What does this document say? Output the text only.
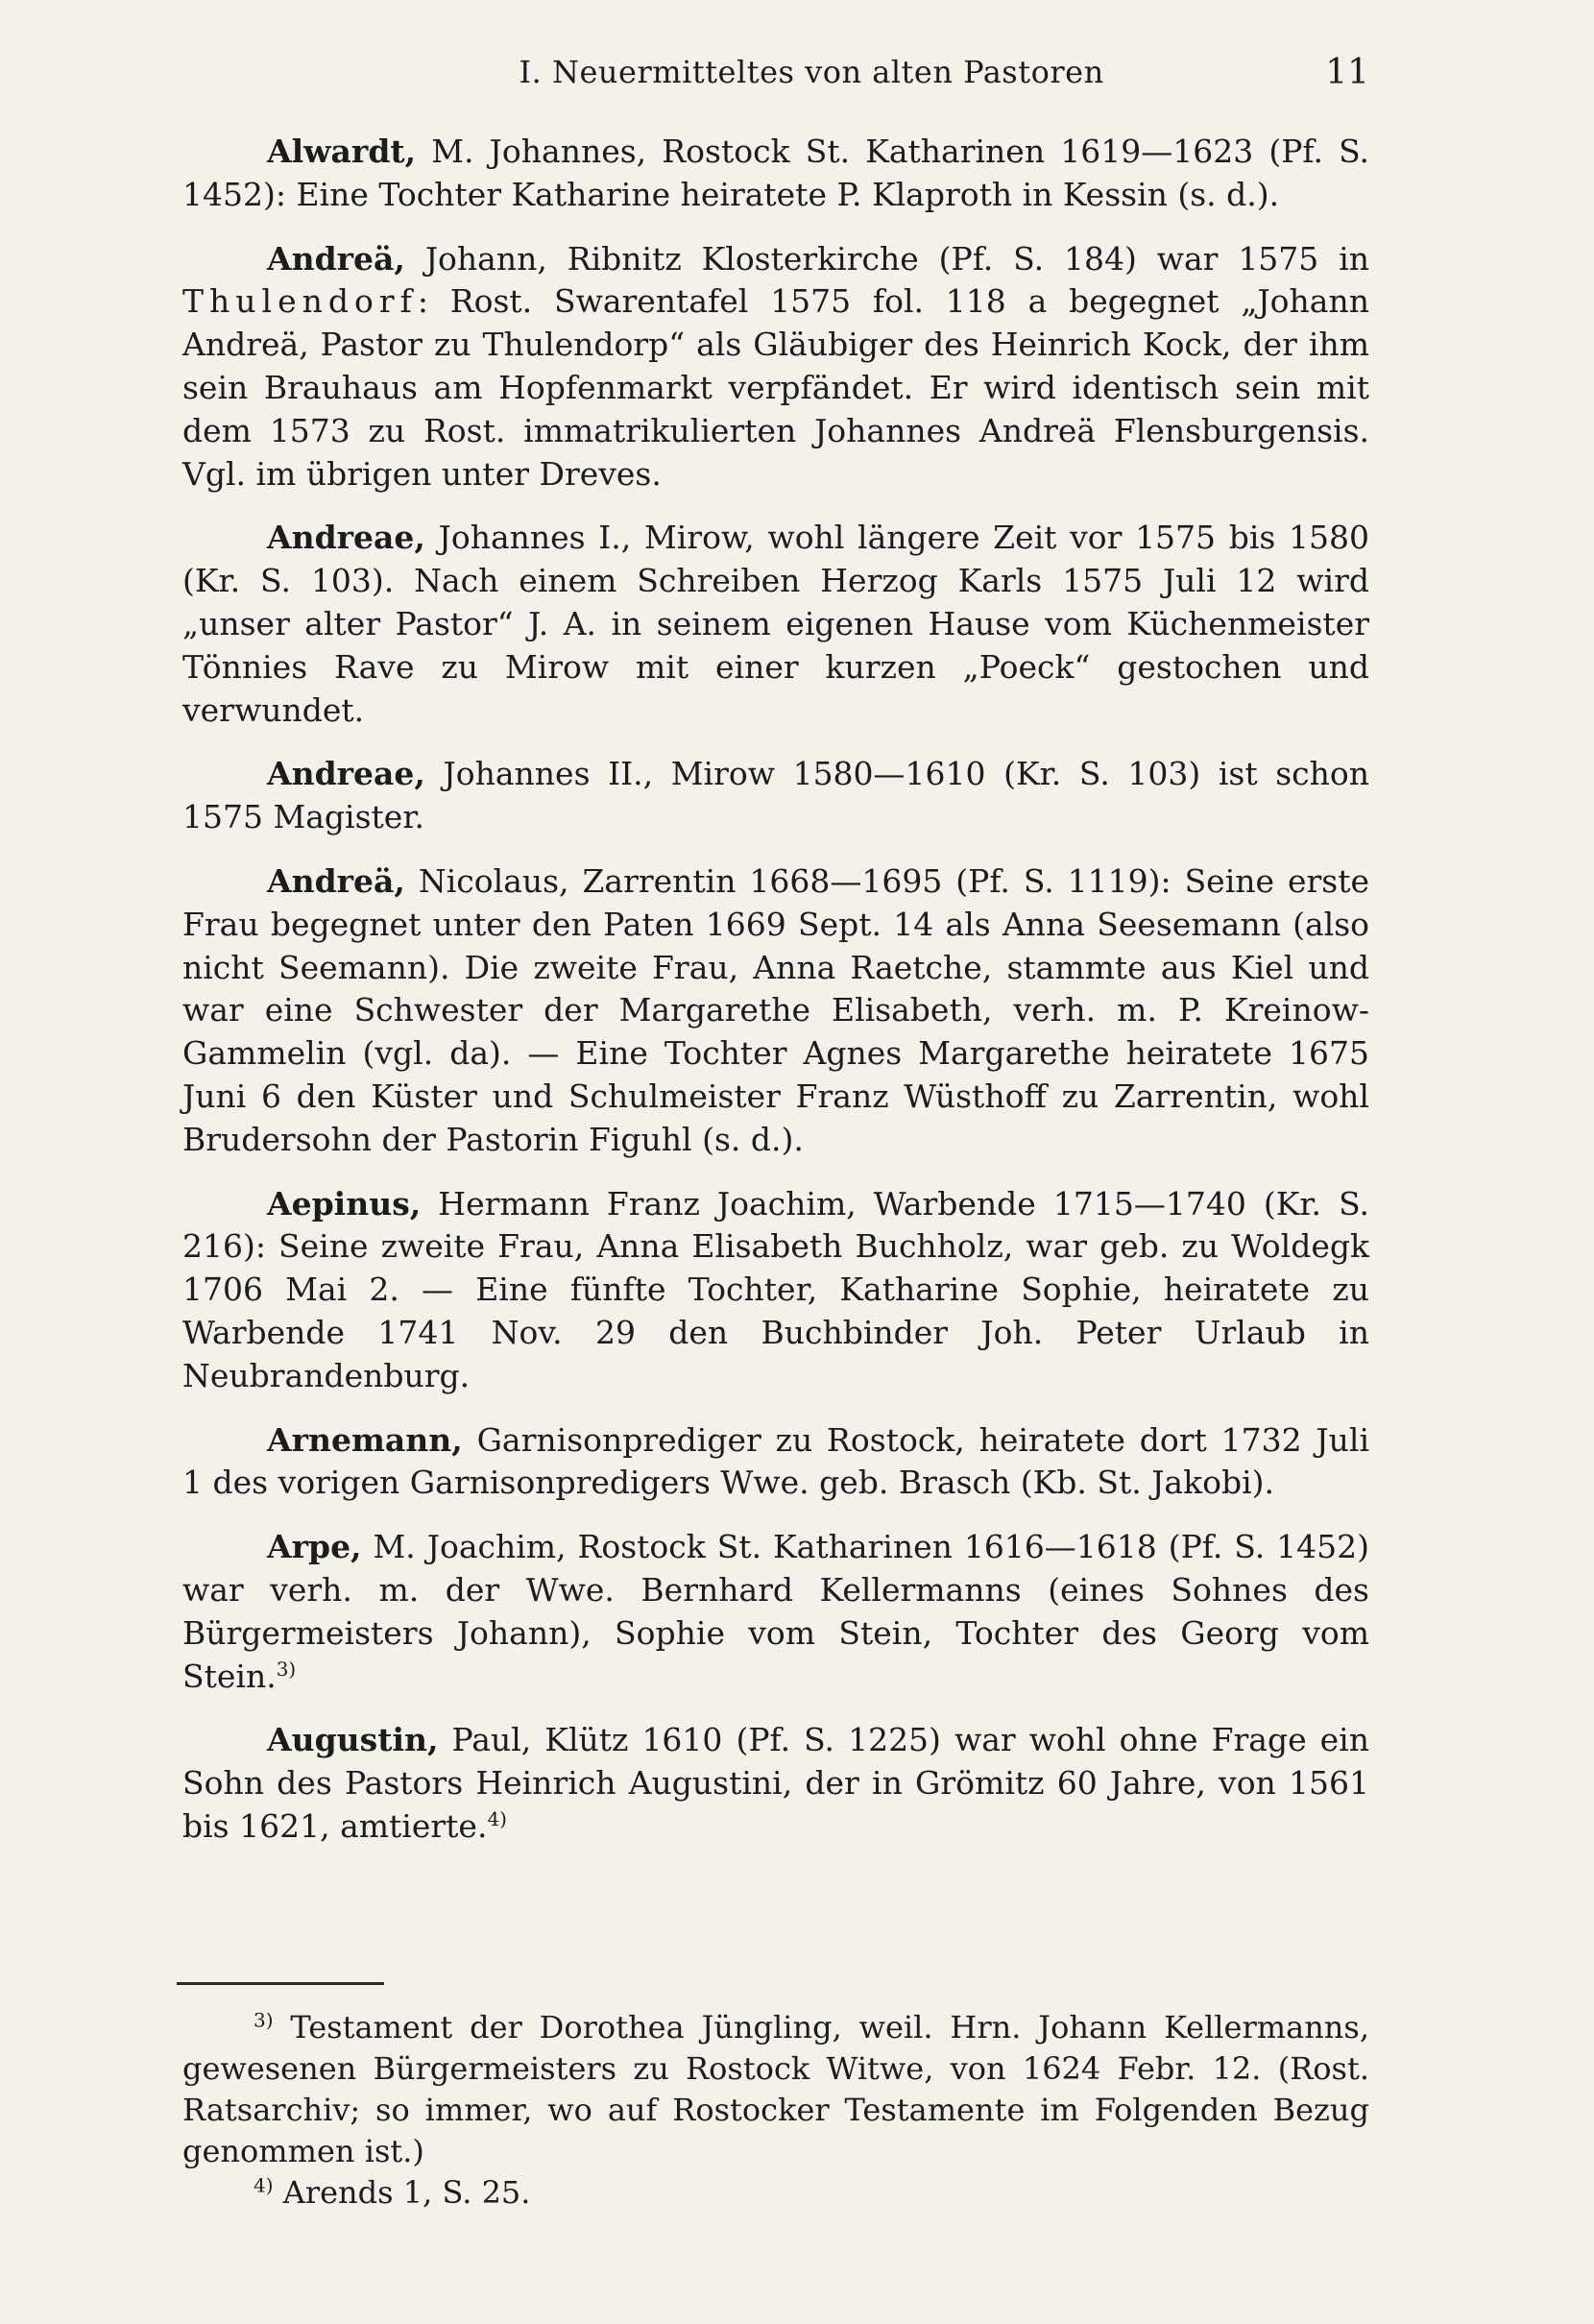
I. Neuermitteltes von alten Pastoren	11

Alwardt, M. Johannes, Rostock St. Katharinen 1619—1623 (Pf. S. 1452): Eine Tochter Katharine heiratete P. Klaproth in Kessin (s. d.).

Andreä, Johann, Ribnitz Klosterkirche (Pf. S. 184) war 1575 in Thulendorf: Rost. Swarentafel 1575 fol. 118 a begegnet „Johann Andreä, Pastor zu Thulendorp“ als Gläubiger des Heinrich Kock, der ihm sein Brauhaus am Hopfenmarkt verpfändet. Er wird identisch sein mit dem 1573 zu Rost. immatrikulierten Johannes Andreä Flensburgensis. Vgl. im übrigen unter Dreves.

Andreae, Johannes I., Mirow, wohl längere Zeit vor 1575 bis 1580 (Kr. S. 103). Nach einem Schreiben Herzog Karls 1575 Juli 12 wird „unser alter Pastor“ J. A. in seinem eigenen Hause vom Küchenmeister Tönnies Rave zu Mirow mit einer kurzen „Poeck“ gestochen und verwundet.

Andreae, Johannes II., Mirow 1580—1610 (Kr. S. 103) ist schon 1575 Magister.

Andreä, Nicolaus, Zarrentin 1668—1695 (Pf. S. 1119): Seine erste Frau begegnet unter den Paten 1669 Sept. 14 als Anna Seesemann (also nicht Seemann). Die zweite Frau, Anna Raetche, stammte aus Kiel und war eine Schwester der Margarethe Elisabeth, verh. m. P. Kreinow-Gammelin (vgl. da). — Eine Tochter Agnes Margarethe heiratete 1675 Juni 6 den Küster und Schulmeister Franz Wüsthoff zu Zarrentin, wohl Brudersohn der Pastorin Figuhl (s. d.).

Aepinus, Hermann Franz Joachim, Warbende 1715—1740 (Kr. S. 216): Seine zweite Frau, Anna Elisabeth Buchholz, war geb. zu Woldegk 1706 Mai 2. — Eine fünfte Tochter, Katharine Sophie, heiratete zu Warbende 1741 Nov. 29 den Buchbinder Joh. Peter Urlaub in Neubrandenburg.

Arnemann, Garnisonprediger zu Rostock, heiratete dort 1732 Juli 1 des vorigen Garnisonpredigers Wwe. geb. Brasch (Kb. St. Jakobi).

Arpe, M. Joachim, Rostock St. Katharinen 1616—1618 (Pf. S. 1452) war verh. m. der Wwe. Bernhard Kellermanns (eines Sohnes des Bürgermeisters Johann), Sophie vom Stein, Tochter des Georg vom Stein.$^{3)}$

Augustin, Paul, Klütz 1610 (Pf. S. 1225) war wohl ohne Frage ein Sohn des Pastors Heinrich Augustini, der in Grömitz 60 Jahre, von 1561 bis 1621, amtierte.$^{4)}$

$^{3)}$ Testament der Dorothea Jüngling, weil. Hrn. Johann Kellermanns, gewesenen Bürgermeisters zu Rostock Witwe, von 1624 Febr. 12. (Rost. Ratsarchiv; so immer, wo auf Rostocker Testamente im Folgenden Bezug genommen ist.)

$^{4)}$ Arends 1, S. 25.
